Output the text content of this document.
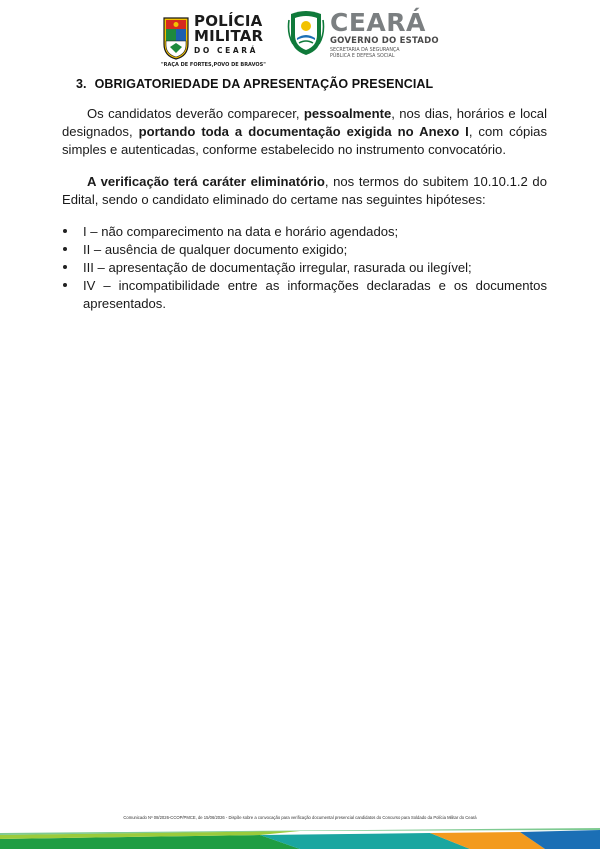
POLÍCIA
MILITAR
DO CEARÁ
"RAÇA DE FORTES,POVO DE BRAVOS"
CEARÁ
GOVERNO DO ESTADO
SECRETARIA DA SEGURANÇA
PÚBLICA E DEFESA SOCIAL
3. OBRIGATORIEDADE DA APRESENTAÇÃO PRESENCIAL

Os candidatos deverão comparecer, pessoalmente, nos dias, horários e local designados, portando toda a documentação exigida no Anexo I, com cópias simples e autenticadas, conforme estabelecido no instrumento convocatório.

A verificação terá caráter eliminatório, nos termos do subitem 10.10.1.2 do Edital, sendo o candidato eliminado do certame nas seguintes hipóteses:

I – não comparecimento na data e horário agendados;
II – ausência de qualquer documento exigido;
III – apresentação de documentação irregular, rasurada ou ilegível;
IV – incompatibilidade entre as informações declaradas e os documentos apresentados.
Comunicado Nº 08/2026-CCOP/PMCE, de 15/06/2026 - Dispõe sobre a convocação para verificação documental presencial candidatos do Concurso para Soldado da Polícia Militar do Ceará
